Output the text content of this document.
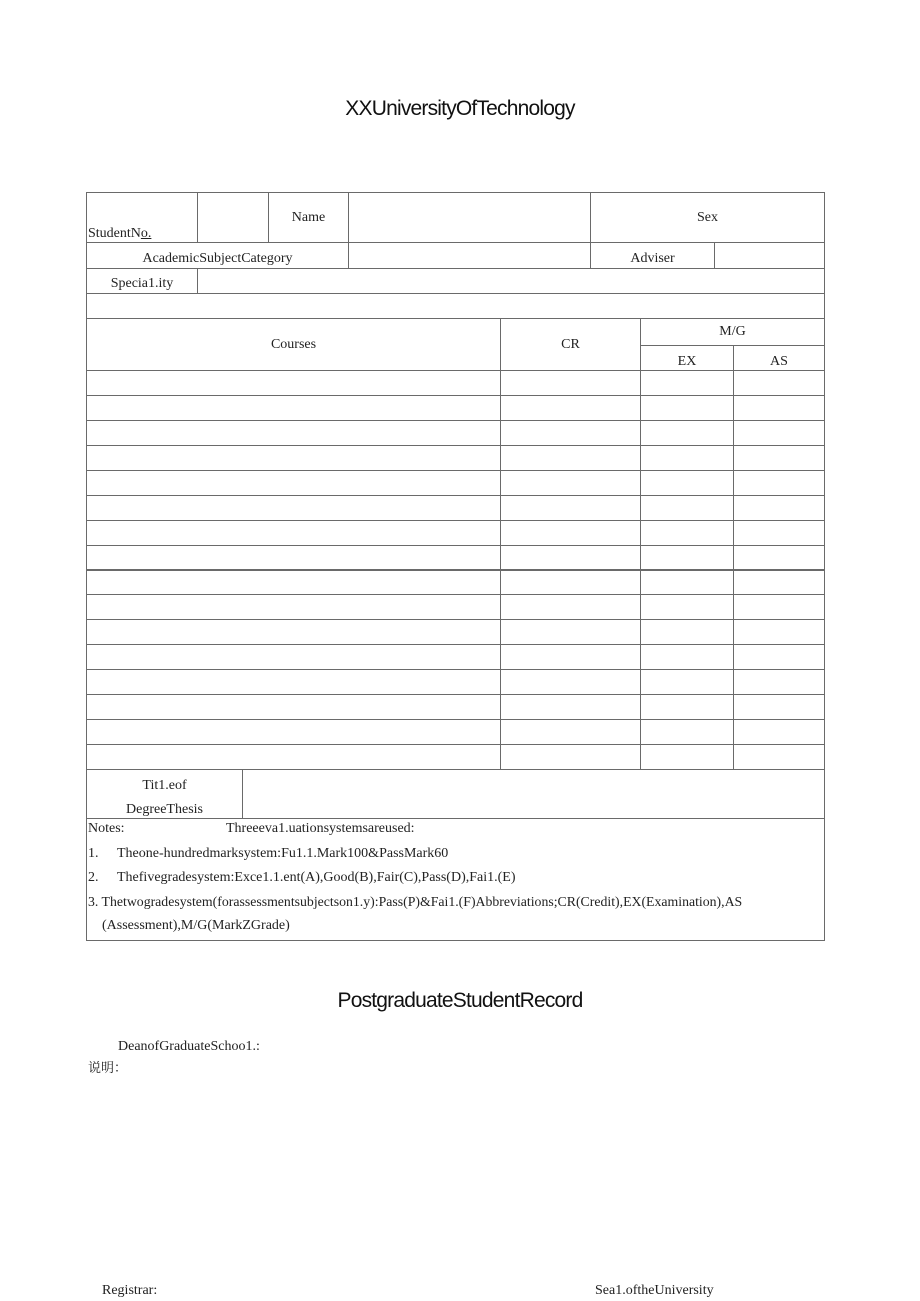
XXUniversityOfTechnology
StudentNo.
Name	Sex
AcademicSubjectCategory	Adviser
Specia1.ity
Courses	CR
M/G
EX	AS
Tit1.eof
DegreeThesis
Notes:	Threeeva1.uationsystemsareused:
1. Theone-hundredmarksystem:Fu1.1.Mark100&PassMark60
2. Thefivegradesystem:Exce1.1.ent(A),Good(B),Fair(C),Pass(D),Fai1.(E)
3. Thetwogradesystem(forassessmentsubjectson1.y):Pass(P)&Fai1.(F)Abbreviations;CR(Credit),EX(Examination),AS
(Assessment),M/G(MarkZGrade)
PostgraduateStudentRecord
DeanofGraduateSchoo1.:
说明：
Registrar:	Sea1.oftheUniversity
